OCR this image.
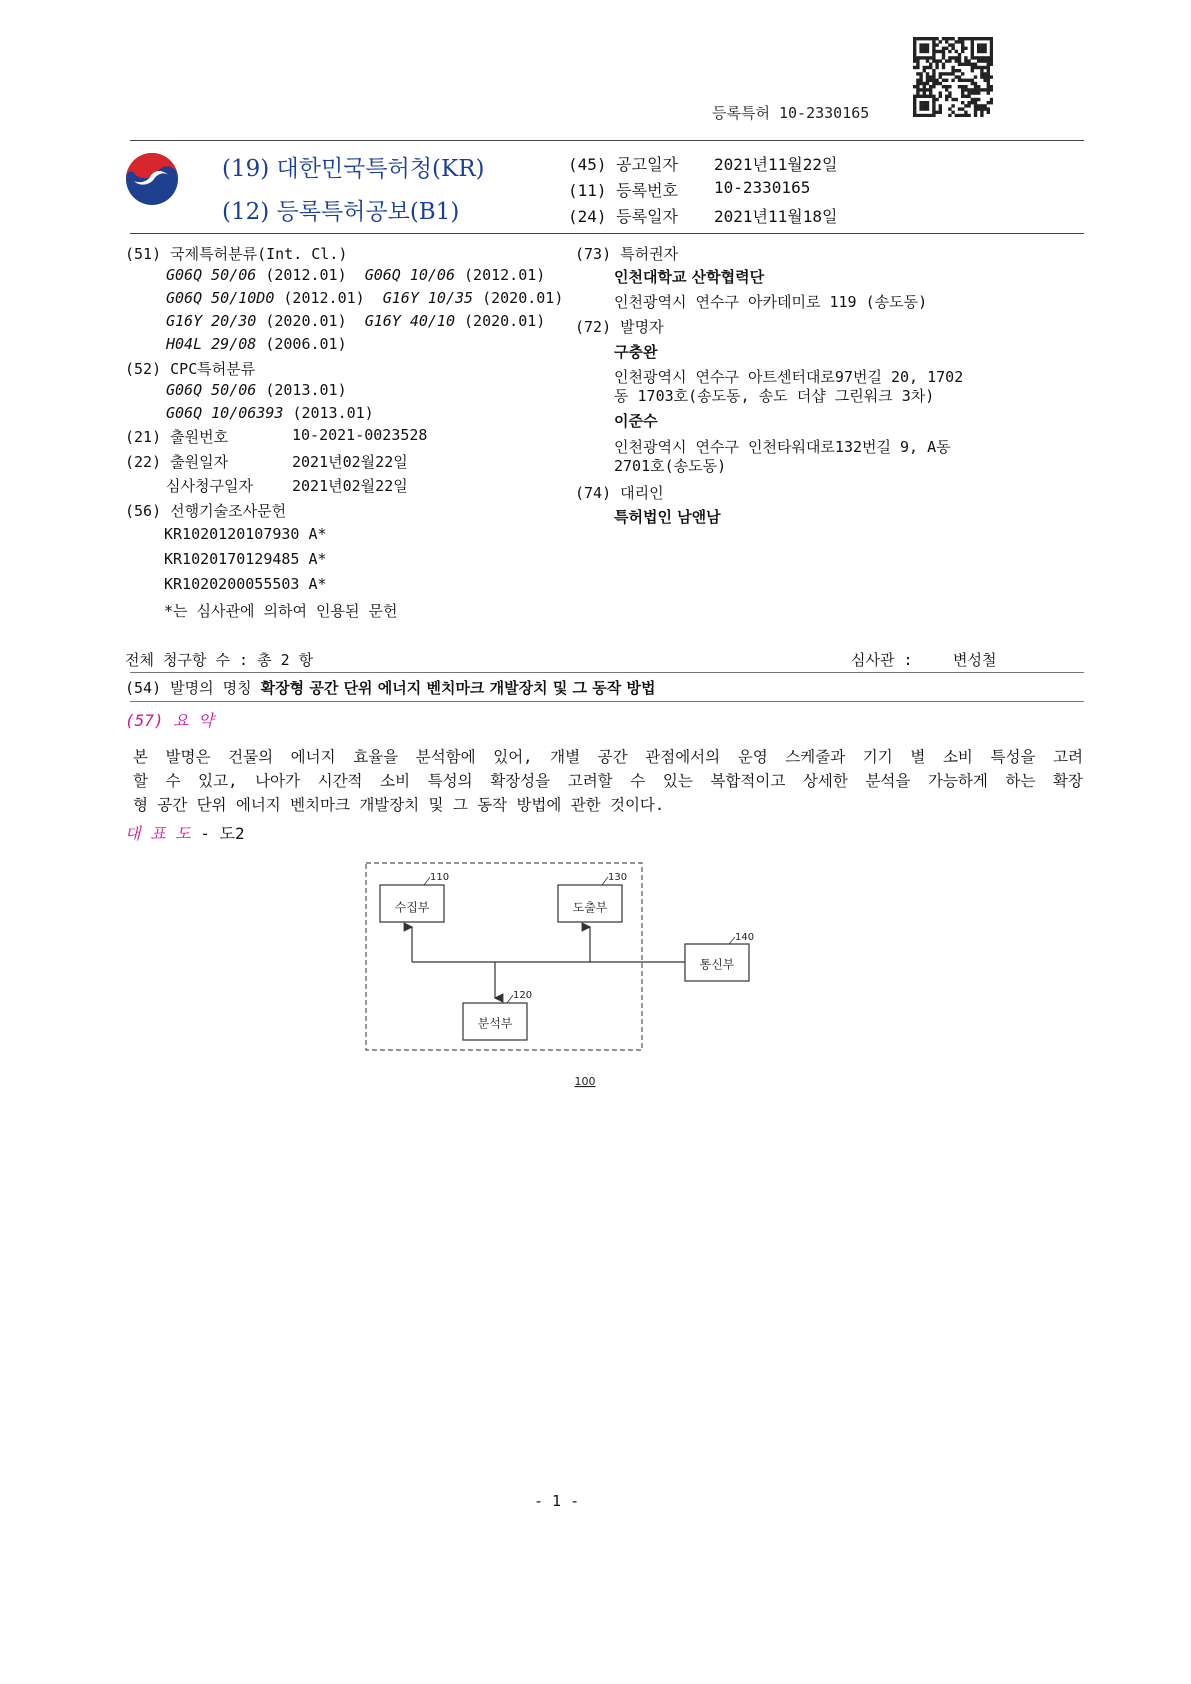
등록특허 10-2330165
(19) 대한민국특허청(KR)
(12) 등록특허공보(B1)
(45) 공고일자 2021년11월22일
(11) 등록번호 10-2330165
(24) 등록일자 2021년11월18일
(51) 국제특허분류(Int. Cl.)
G06Q 50/06 (2012.01) G06Q 10/06 (2012.01)
G06Q 50/10D0 (2012.01) G16Y 10/35 (2020.01)
G16Y 20/30 (2020.01) G16Y 40/10 (2020.01)
H04L 29/08 (2006.01)
(52) CPC특허분류
G06Q 50/06 (2013.01)
G06Q 10/06393 (2013.01)
(21) 출원번호	10-2021-0023528
(22) 출원일자	2021년02월22일
심사청구일자	2021년02월22일
(56) 선행기술조사문헌
KR1020120107930 A*
KR1020170129485 A*
KR1020200055503 A*
*는 심사관에 의하여 인용된 문헌
(73) 특허권자
인천대학교 산학협력단
인천광역시 연수구 아카데미로 119 (송도동)
(72) 발명자
구충완
인천광역시 연수구 아트센터대로97번길 20, 1702
동 1703호(송도동, 송도 더샵 그린워크 3차)
이준수
인천광역시 연수구 인천타워대로132번길 9, A동
2701호(송도동)
(74) 대리인
특허법인 남앤남
전체 청구항 수 : 총 2 항	심사관 :	변성철
(54) 발명의 명칭 확장형 공간 단위 에너지 벤치마크 개발장치 및 그 동작 방법
(57) 요 약
본 발명은 건물의 에너지 효율을 분석함에 있어, 개별 공간 관점에서의 운영 스케줄과 기기 별 소비 특성을 고려
할 수 있고, 나아가 시간적 소비 특성의 확장성을 고려할 수 있는 복합적이고 상세한 분석을 가능하게 하는 확장
형 공간 단위 에너지 벤치마크 개발장치 및 그 동작 방법에 관한 것이다.
대 표 도 - 도2
수집부	도출부
통신부
분석부
110	130
140
120
100
- 1 -
